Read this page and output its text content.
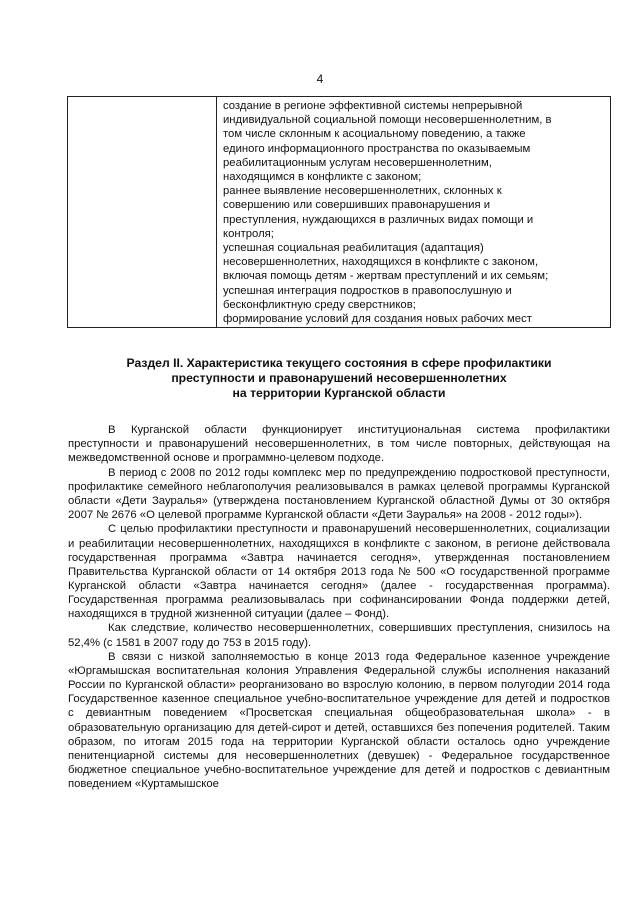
4

создание в регионе эффективной системы непрерывной
индивидуальной социальной помощи несовершеннолетним, в
том числе склонным к асоциальному поведению, а также
единого информационного пространства по оказываемым
реабилитационным услугам несовершеннолетним,
находящимся в конфликте с законом;
раннее выявление несовершеннолетних, склонных к
совершению или совершивших правонарушения и
преступления, нуждающихся в различных видах помощи и
контроля;
успешная социальная реабилитация (адаптация)
несовершеннолетних, находящихся в конфликте с законом,
включая помощь детям - жертвам преступлений и их семьям;
успешная интеграция подростков в правопослушную и
бесконфликтную среду сверстников;
формирование условий для создания новых рабочих мест
Раздел II. Характеристика текущего состояния в сфере профилактики
преступности и правонарушений несовершеннолетних
на территории Курганской области

В Курганской области функционирует институциональная система профилактики преступности и правонарушений несовершеннолетних, в том числе повторных, действующая на межведомственной основе и программно-целевом подходе.

В период с 2008 по 2012 годы комплекс мер по предупреждению подростковой преступности, профилактике семейного неблагополучия реализовывался в рамках целевой программы Курганской области «Дети Зауралья» (утверждена постановлением Курганской областной Думы от 30 октября 2007 № 2676 «О целевой программе Курганской области «Дети Зауралья» на 2008 - 2012 годы»).

С целью профилактики преступности и правонарушений несовершеннолетних, социализации и реабилитации несовершеннолетних, находящихся в конфликте с законом, в регионе действовала государственная программа «Завтра начинается сегодня», утвержденная постановлением Правительства Курганской области от 14 октября 2013 года № 500 «О государственной программе Курганской области «Завтра начинается сегодня» (далее - государственная программа). Государственная программа реализовывалась при софинансировании Фонда поддержки детей, находящихся в трудной жизненной ситуации (далее – Фонд).

Как следствие, количество несовершеннолетних, совершивших преступления, снизилось на 52,4% (с 1581 в 2007 году до 753 в 2015 году).

В связи с низкой заполняемостью в конце 2013 года Федеральное казенное учреждение «Юргамышская воспитательная колония Управления Федеральной службы исполнения наказаний России по Курганской области» реорганизовано во взрослую колонию, в первом полугодии 2014 года Государственное казенное специальное учебно-воспитательное учреждение для детей и подростков с девиантным поведением «Просветская специальная общеобразовательная школа» - в образовательную организацию для детей-сирот и детей, оставшихся без попечения родителей. Таким образом, по итогам 2015 года на территории Курганской области осталось одно учреждение пенитенциарной системы для несовершеннолетних (девушек) - Федеральное государственное бюджетное специальное учебно-воспитательное учреждение для детей и подростков с девиантным поведением «Куртамышское
